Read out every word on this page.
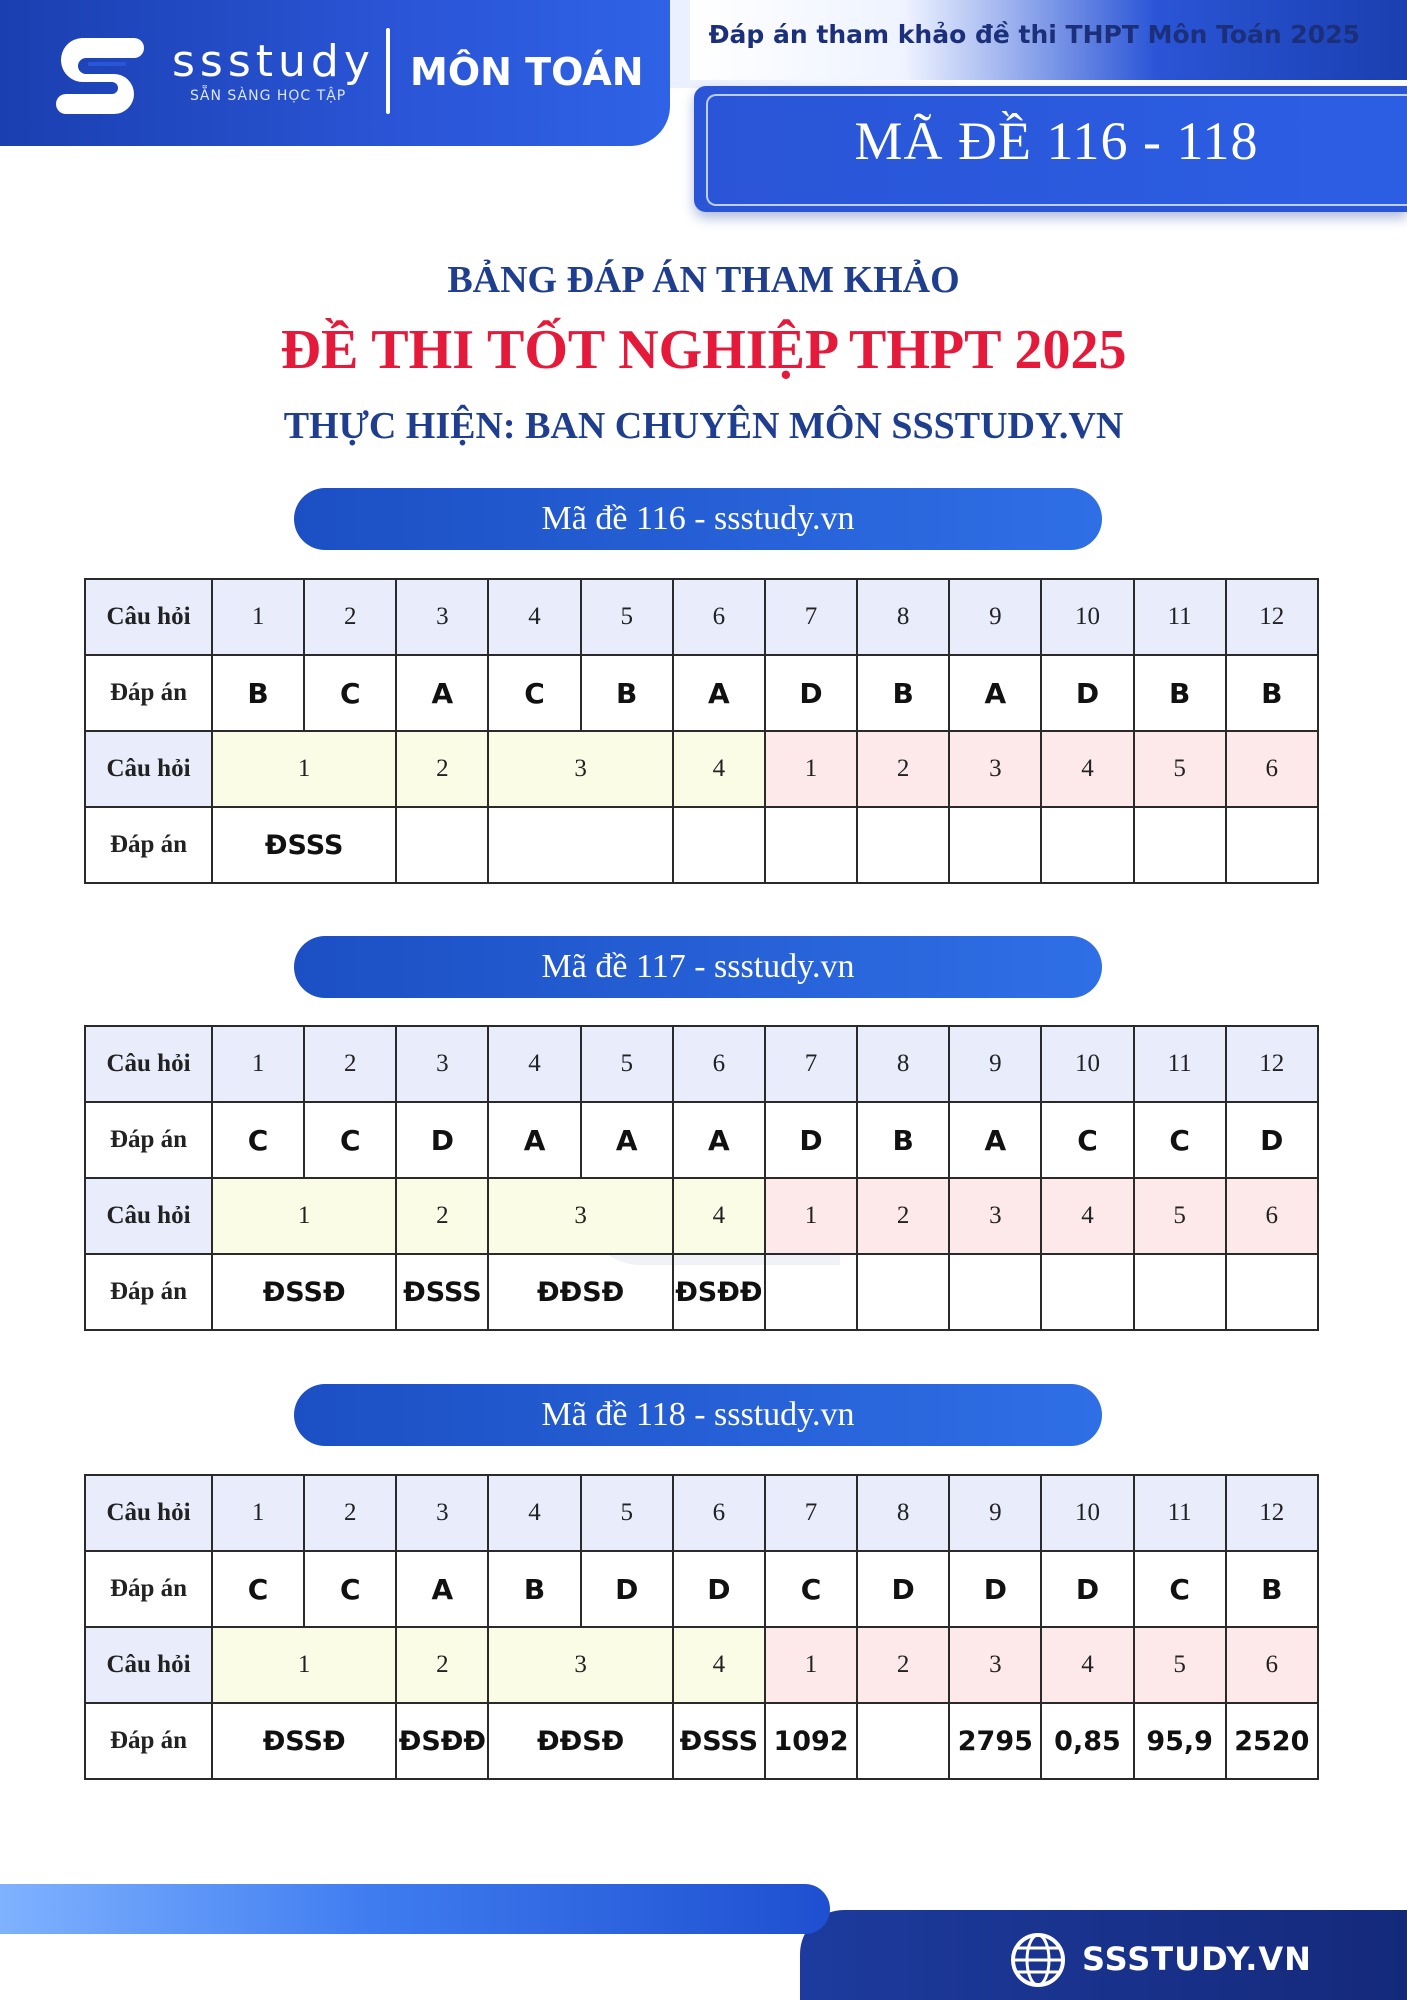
ssstudy
SẴN SÀNG HỌC TẬP
MÔN TOÁN
Đáp án tham khảo đề thi THPT Môn Toán 2025
MÃ ĐỀ 116 - 118
BẢNG ĐÁP ÁN THAM KHẢO
ĐỀ THI TỐT NGHIỆP THPT 2025
THỰC HIỆN: BAN CHUYÊN MÔN SSSTUDY.VN
Mã đề 116 - ssstudy.vn
Câu hỏi	1	2	3	4	5	6	7	8	9	10	11	12
Đáp án	B	C	A	C	B	A	D	B	A	D	B	B
Câu hỏi	1		2	3		4	1	2	3	4	5	6
Đáp án	ĐSSS											
Mã đề 117 - ssstudy.vn
Câu hỏi	1	2	3	4	5	6	7	8	9	10	11	12
Đáp án	C	C	D	A	A	A	D	B	A	C	C	D
Câu hỏi	1		2	3		4	1	2	3	4	5	6
Đáp án	ĐSSĐ		ĐSSS	ĐĐSĐ		ĐSĐĐ						
Mã đề 118 - ssstudy.vn
Câu hỏi	1	2	3	4	5	6	7	8	9	10	11	12
Đáp án	C	C	A	B	D	D	C	D	D	D	C	B
Câu hỏi	1		2	3		4	1	2	3	4	5	6
Đáp án	ĐSSĐ		ĐSĐĐ	ĐĐSĐ		ĐSSS	1092		2795	0,85	95,9	2520
SSSTUDY.VN
